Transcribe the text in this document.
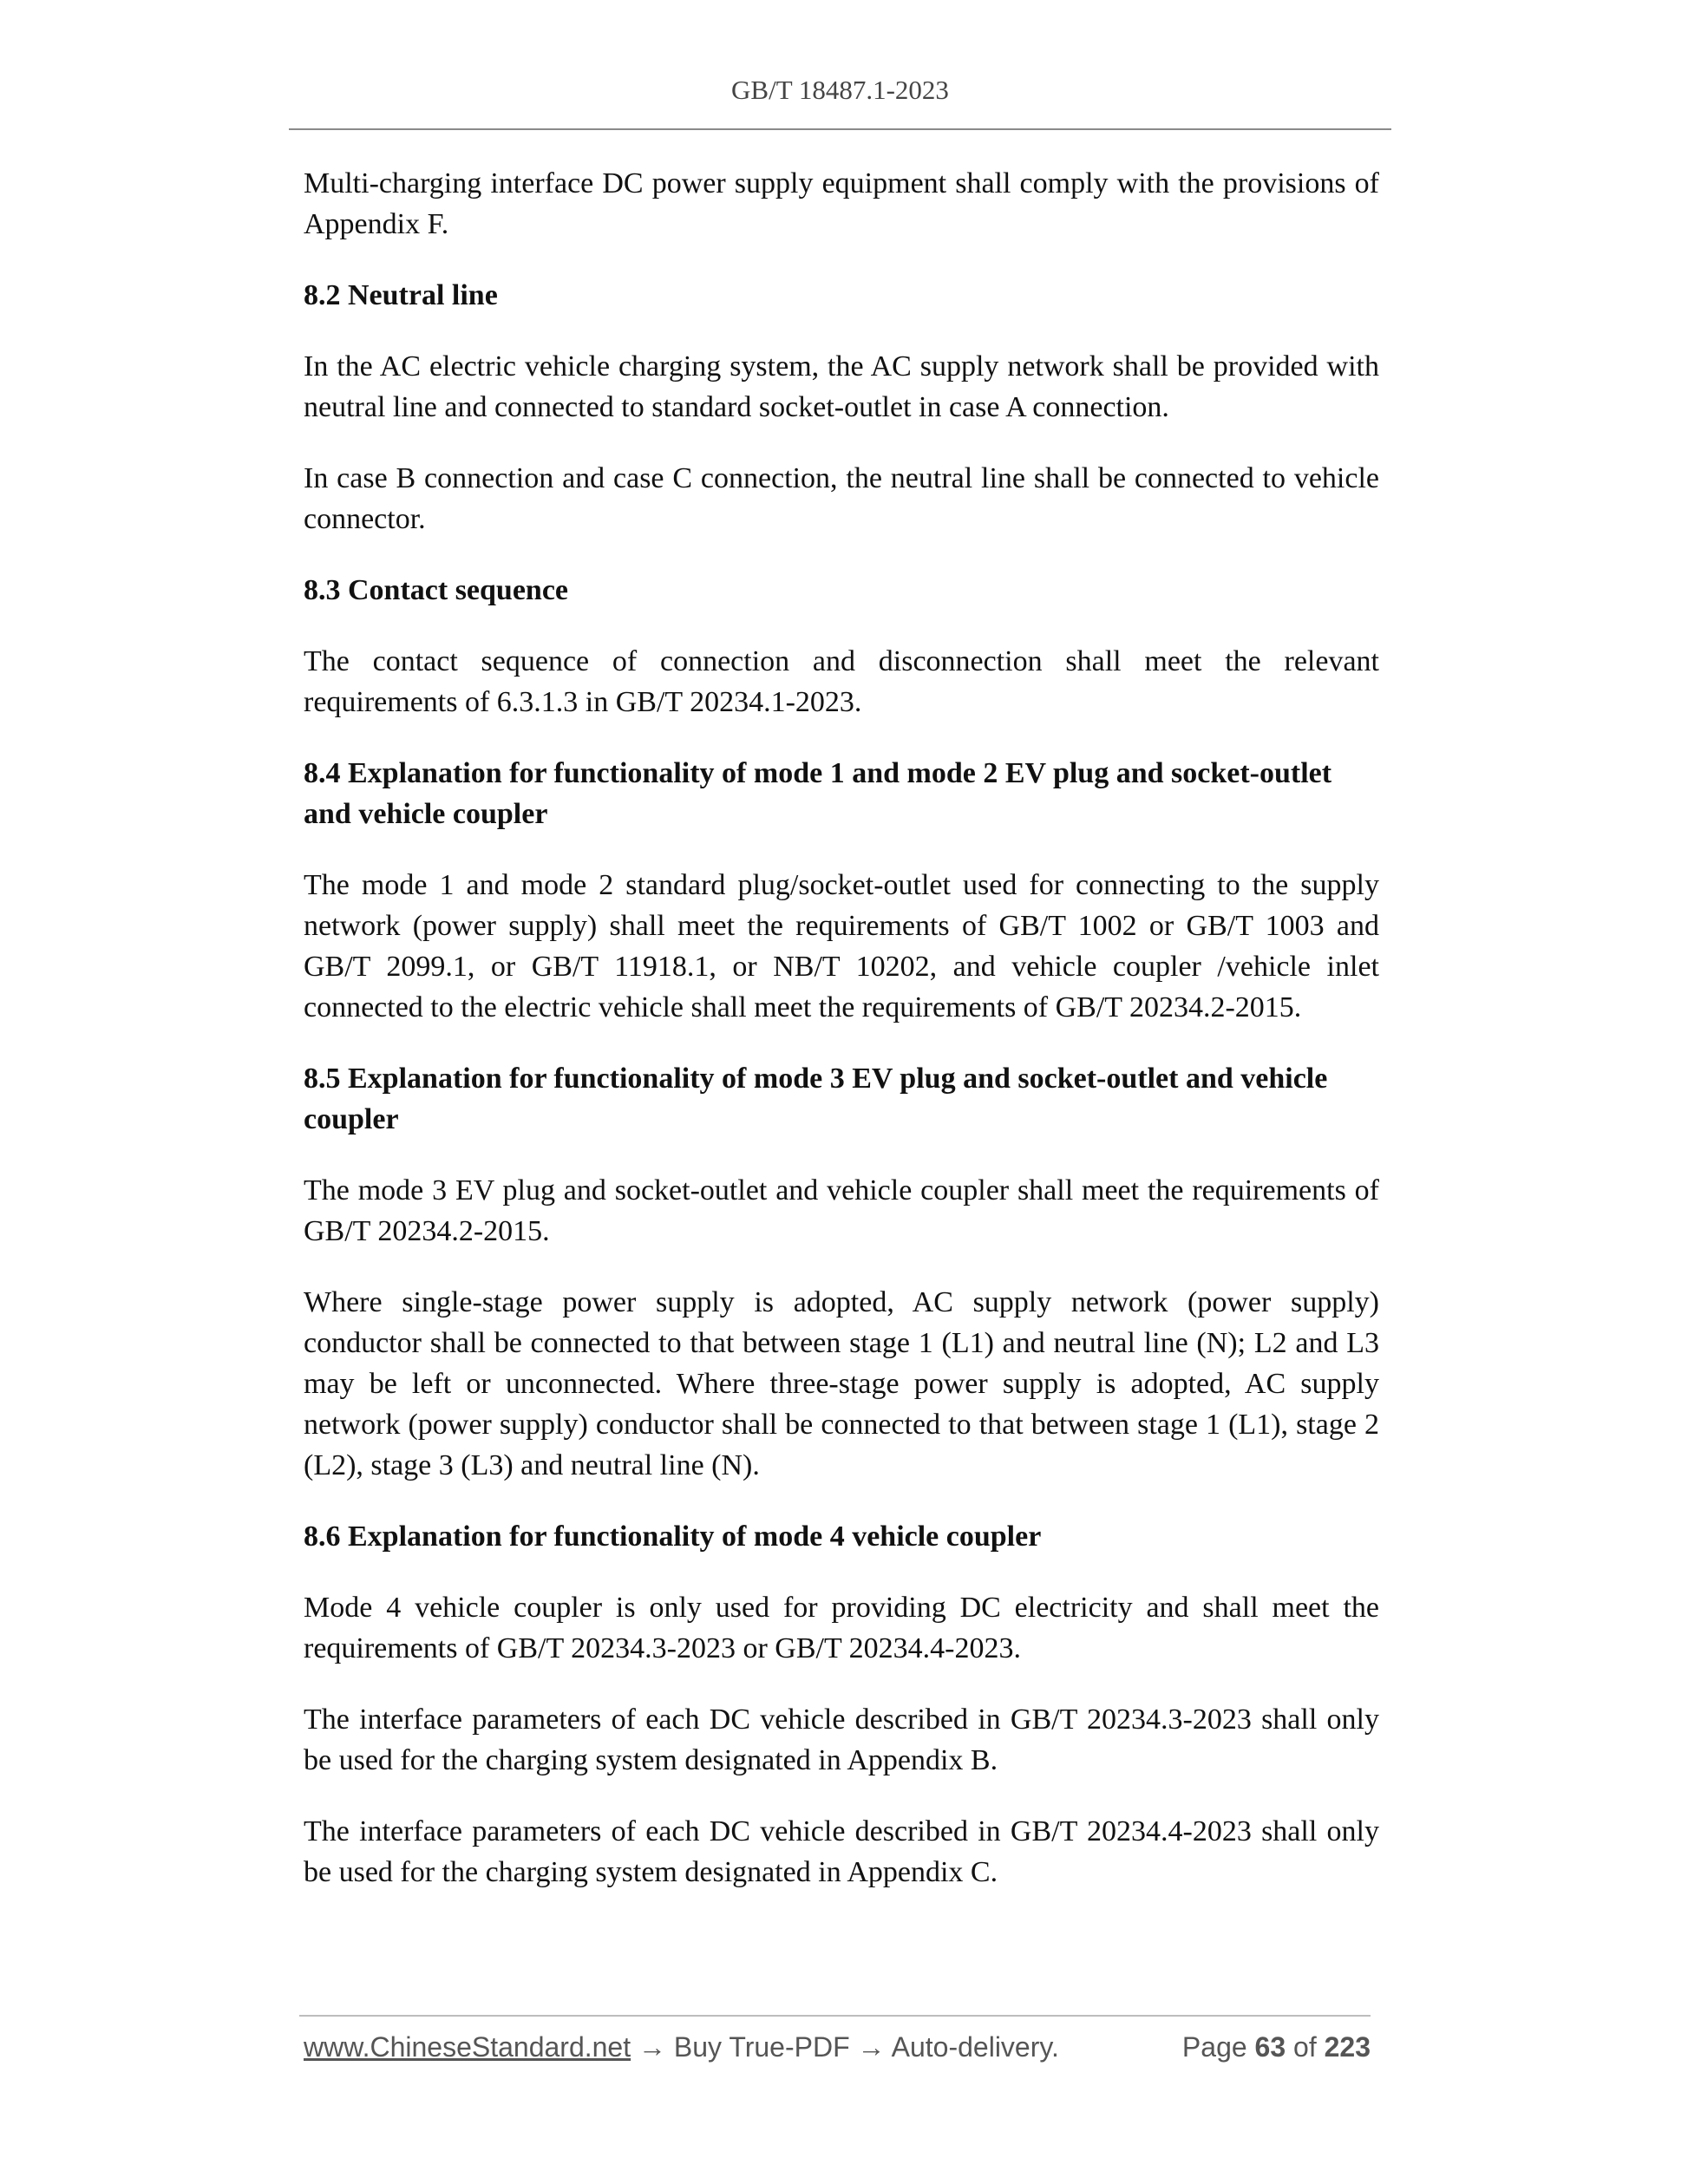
GB/T 18487.1-2023

Multi-charging interface DC power supply equipment shall comply with the provisions of Appendix F.

8.2 Neutral line

In the AC electric vehicle charging system, the AC supply network shall be provided with neutral line and connected to standard socket-outlet in case A connection.

In case B connection and case C connection, the neutral line shall be connected to vehicle connector.

8.3 Contact sequence

The contact sequence of connection and disconnection shall meet the relevant requirements of 6.3.1.3 in GB/T 20234.1-2023.

8.4 Explanation for functionality of mode 1 and mode 2 EV plug and socket-outlet and vehicle coupler

The mode 1 and mode 2 standard plug/socket-outlet used for connecting to the supply network (power supply) shall meet the requirements of GB/T 1002 or GB/T 1003 and GB/T 2099.1, or GB/T 11918.1, or NB/T 10202, and vehicle coupler /vehicle inlet connected to the electric vehicle shall meet the requirements of GB/T 20234.2-2015.

8.5 Explanation for functionality of mode 3 EV plug and socket-outlet and vehicle coupler

The mode 3 EV plug and socket-outlet and vehicle coupler shall meet the requirements of GB/T 20234.2-2015.

Where single-stage power supply is adopted, AC supply network (power supply) conductor shall be connected to that between stage 1 (L1) and neutral line (N); L2 and L3 may be left or unconnected. Where three-stage power supply is adopted, AC supply network (power supply) conductor shall be connected to that between stage 1 (L1), stage 2 (L2), stage 3 (L3) and neutral line (N).

8.6 Explanation for functionality of mode 4 vehicle coupler

Mode 4 vehicle coupler is only used for providing DC electricity and shall meet the requirements of GB/T 20234.3-2023 or GB/T 20234.4-2023.

The interface parameters of each DC vehicle described in GB/T 20234.3-2023 shall only be used for the charging system designated in Appendix B.

The interface parameters of each DC vehicle described in GB/T 20234.4-2023 shall only be used for the charging system designated in Appendix C.

www.ChineseStandard.net → Buy True-PDF → Auto-delivery.	Page 63 of 223
